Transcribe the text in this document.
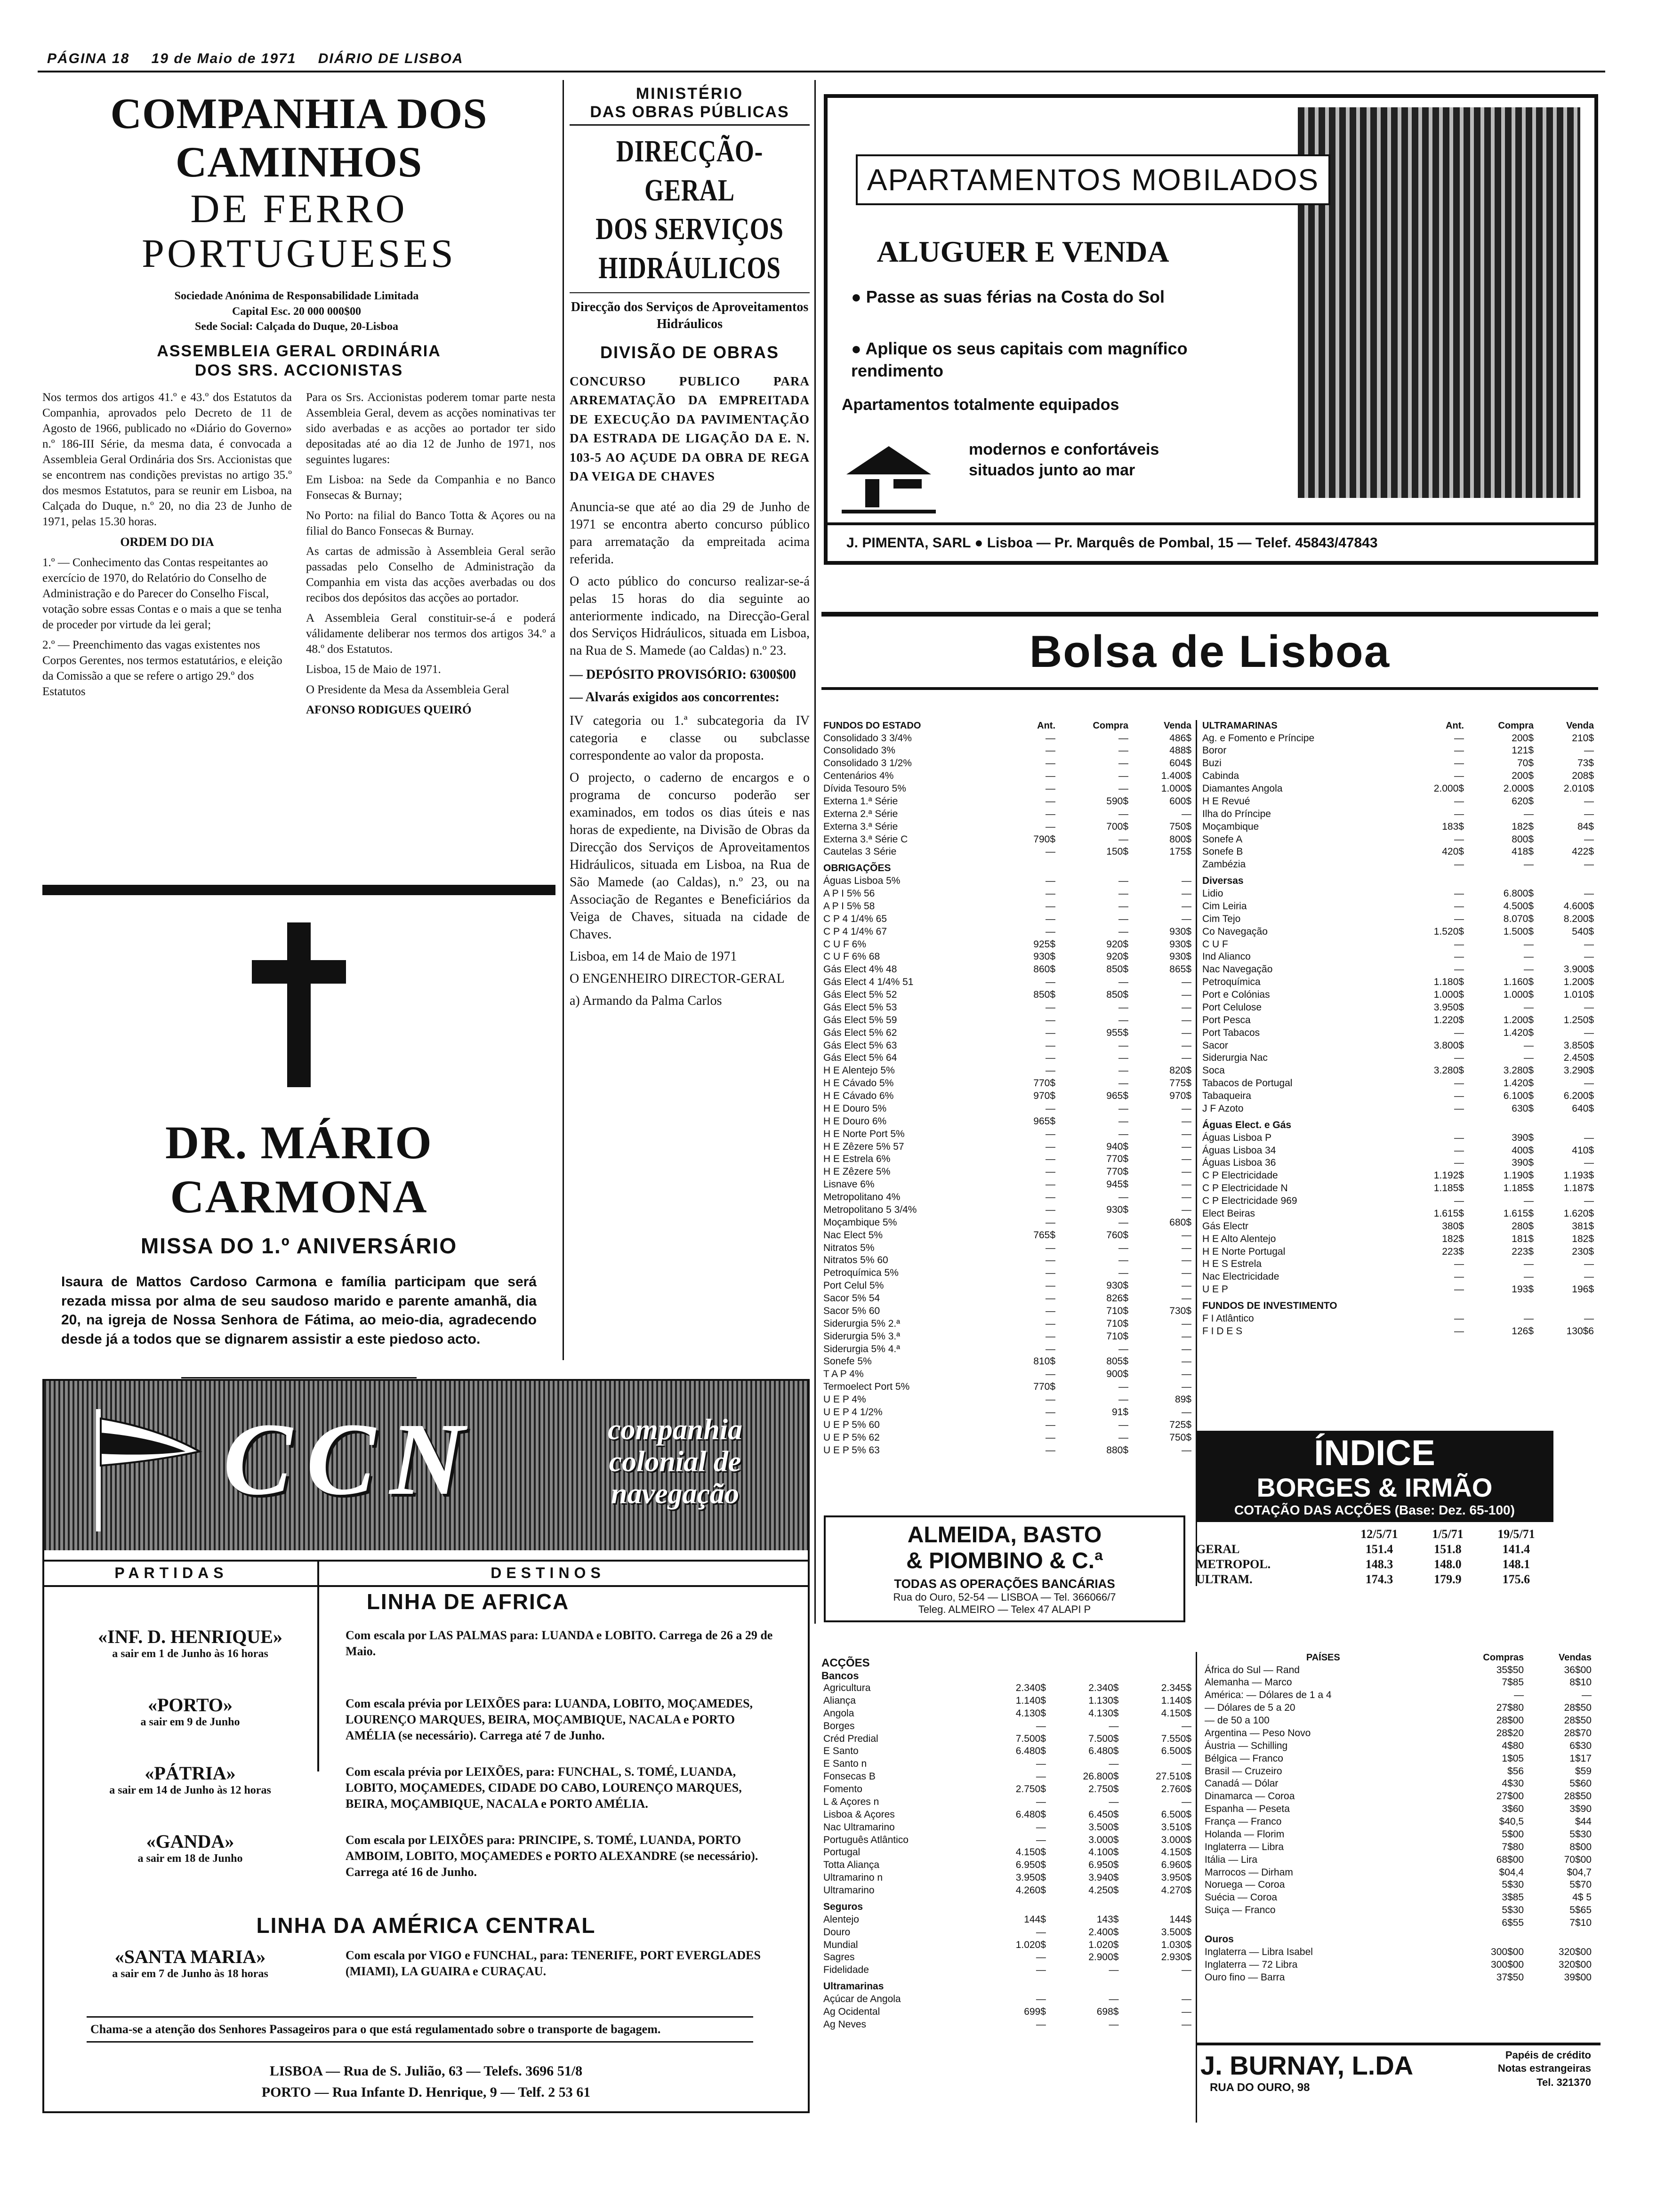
PÁGINA 18 19 de Maio de 1971 DIÁRIO DE LISBOA
COMPANHIA DOS CAMINHOS
DE FERRO PORTUGUESES
Sociedade Anónima de Responsabilidade Limitada
Capital Esc. 20 000 000$00
Sede Social: Calçada do Duque, 20-Lisboa
ASSEMBLEIA GERAL ORDINÁRIA
DOS SRS. ACCIONISTAS

Nos termos dos artigos 41.º e 43.º dos Estatutos da Companhia, aprovados pelo Decreto de 11 de Agosto de 1966, publicado no «Diário do Governo» n.º 186-III Série, da mesma data, é convocada a Assembleia Geral Ordinária dos Srs. Accionistas que se encontrem nas condições previstas no artigo 35.º dos mesmos Estatutos, para se reunir em Lisboa, na Calçada do Duque, n.º 20, no dia 23 de Junho de 1971, pelas 15.30 horas.

ORDEM DO DIA

1.º — Conhecimento das Contas respeitantes ao exercício de 1970, do Relatório do Conselho de Administração e do Parecer do Conselho Fiscal, votação sobre essas Contas e o mais a que se tenha de proceder por virtude da lei geral;

2.º — Preenchimento das vagas existentes nos Corpos Gerentes, nos termos estatutários, e eleição da Comissão a que se refere o artigo 29.º dos Estatutos

Para os Srs. Accionistas poderem tomar parte nesta Assembleia Geral, devem as acções nominativas ter sido averbadas e as acções ao portador ter sido depositadas até ao dia 12 de Junho de 1971, nos seguintes lugares:

Em Lisboa: na Sede da Companhia e no Banco Fonsecas & Burnay;

No Porto: na filial do Banco Totta & Açores ou na filial do Banco Fonsecas & Burnay.

As cartas de admissão à Assembleia Geral serão passadas pelo Conselho de Administração da Companhia em vista das acções averbadas ou dos recibos dos depósitos das acções ao portador.

A Assembleia Geral constituir-se-á e poderá válidamente deliberar nos termos dos artigos 34.º a 48.º dos Estatutos.

Lisboa, 15 de Maio de 1971.

O Presidente da Mesa da Assembleia Geral

AFONSO RODIGUES QUEIRÓ

DR. MÁRIO CARMONA
MISSA DO 1.º ANIVERSÁRIO

Isaura de Mattos Cardoso Carmona e família participam que será rezada missa por alma de seu saudoso marido e parente amanhã, dia 20, na igreja de Nossa Senhora de Fátima, ao meio-dia, agradecendo desde já a todos que se dignarem assistir a este piedoso acto.

MINISTÉRIO
DAS OBRAS PÚBLICAS
DIRECÇÃO-GERAL
DOS SERVIÇOS
HIDRÁULICOS
Direcção dos Serviços de Aproveitamentos Hidráulicos
DIVISÃO DE OBRAS

CONCURSO PUBLICO PARA ARREMATAÇÃO DA EMPREITADA DE EXECUÇÃO DA PAVIMENTAÇÃO DA ESTRADA DE LIGAÇÃO DA E. N. 103-5 AO AÇUDE DA OBRA DE REGA DA VEIGA DE CHAVES

Anuncia-se que até ao dia 29 de Junho de 1971 se encontra aberto concurso público para arrematação da empreitada acima referida.

O acto público do concurso realizar-se-á pelas 15 horas do dia seguinte ao anteriormente indicado, na Direcção-Geral dos Serviços Hidráulicos, situada em Lisboa, na Rua de S. Mamede (ao Caldas) n.º 23.

— DEPÓSITO PROVISÓRIO: 6300$00

— Alvarás exigidos aos concorrentes:

IV categoria ou 1.ª subcategoria da IV categoria e classe ou subclasse correspondente ao valor da proposta.

O projecto, o caderno de encargos e o programa de concurso poderão ser examinados, em todos os dias úteis e nas horas de expediente, na Divisão de Obras da Direcção dos Serviços de Aproveitamentos Hidráulicos, situada em Lisboa, na Rua de São Mamede (ao Caldas), n.º 23, ou na Associação de Regantes e Beneficiários da Veiga de Chaves, situada na cidade de Chaves.

Lisboa, em 14 de Maio de 1971

O ENGENHEIRO DIRECTOR-GERAL

a) Armando da Palma Carlos

APARTAMENTOS MOBILADOS
ALUGUER E VENDA
● Passe as suas férias na Costa do Sol
● Aplique os seus capitais com magnífico rendimento
Apartamentos totalmente equipados
modernos e confortáveis situados junto ao mar
J. PIMENTA, SARL ● Lisboa — Pr. Marquês de Pombal, 15 — Telef. 45843/47843
Bolsa de Lisboa
FUNDOS DO ESTADO	Ant.	Compra	Venda
Consolidado 3 3/4%	—	—	486$
Consolidado 3%	—	—	488$
Consolidado 3 1/2%	—	—	604$
Centenários 4%	—	—	1.400$
Dívida Tesouro 5%	—	—	1.000$
Externa 1.ª Série	—	590$	600$
Externa 2.ª Série	—	—	—
Externa 3.ª Série	—	700$	750$
Externa 3.ª Série C	790$	—	800$
Cautelas 3 Série	—	150$	175$
OBRIGAÇÕES			
Águas Lisboa 5%	—	—	—
A P I 5% 56	—	—	—
A P I 5% 58	—	—	—
C P 4 1/4% 65	—	—	—
C P 4 1/4% 67	—	—	930$
C U F 6%	925$	920$	930$
C U F 6% 68	930$	920$	930$
Gás Elect 4% 48	860$	850$	865$
Gás Elect 4 1/4% 51	—	—	—
Gás Elect 5% 52	850$	850$	—
Gás Elect 5% 53	—	—	—
Gás Elect 5% 59	—	—	—
Gás Elect 5% 62	—	955$	—
Gás Elect 5% 63	—	—	—
Gás Elect 5% 64	—	—	—
H E Alentejo 5%	—	—	820$
H E Cávado 5%	770$	—	775$
H E Cávado 6%	970$	965$	970$
H E Douro 5%	—	—	—
H E Douro 6%	965$	—	—
H E Norte Port 5%	—	—	—
H E Zêzere 5% 57	—	940$	—
H E Estrela 6%	—	770$	—
H E Zêzere 5%	—	770$	—
Lisnave 6%	—	945$	—
Metropolitano 4%	—	—	—
Metropolitano 5 3/4%	—	930$	—
Moçambique 5%	—	—	680$
Nac Elect 5%	765$	760$	—
Nitratos 5%	—	—	—
Nitratos 5% 60	—	—	—
Petroquímica 5%	—	—	—
Port Celul 5%	—	930$	—
Sacor 5% 54	—	826$	—
Sacor 5% 60	—	710$	730$
Siderurgia 5% 2.ª	—	710$	—
Siderurgia 5% 3.ª	—	710$	—
Siderurgia 5% 4.ª	—	—	—
Sonefe 5%	810$	805$	—
T A P 4%	—	900$	—
Termoelect Port 5%	770$	—	—
U E P 4%	—	—	89$
U E P 4 1/2%	—	91$	—
U E P 5% 60	—	—	725$
U E P 5% 62	—	—	750$
U E P 5% 63	—	880$	—
ULTRAMARINAS	Ant.	Compra	Venda
Ag. e Fomento e Príncipe	—	200$	210$
Boror	—	121$	—
Buzi	—	70$	73$
Cabinda	—	200$	208$
Diamantes Angola	2.000$	2.000$	2.010$
H E Revué	—	620$	—
Ilha do Príncipe	—	—	—
Moçambique	183$	182$	84$
Sonefe A	—	800$	—
Sonefe B	420$	418$	422$
Zambézia	—	—	—
Diversas			
Lidio	—	6.800$	—
Cim Leiria	—	4.500$	4.600$
Cim Tejo	—	8.070$	8.200$
Co Navegação	1.520$	1.500$	540$
C U F	—	—	—
Ind Alianco	—	—	—
Nac Navegação	—	—	3.900$
Petroquímica	1.180$	1.160$	1.200$
Port e Colónias	1.000$	1.000$	1.010$
Port Celulose	3.950$	—	—
Port Pesca	1.220$	1.200$	1.250$
Port Tabacos	—	1.420$	—
Sacor	3.800$	—	3.850$
Siderurgia Nac	—	—	2.450$
Soca	3.280$	3.280$	3.290$
Tabacos de Portugal	—	1.420$	—
Tabaqueira	—	6.100$	6.200$
J F Azoto	—	630$	640$
Águas Elect. e Gás			
Águas Lisboa P	—	390$	—
Águas Lisboa 34	—	400$	410$
Águas Lisboa 36	—	390$	—
C P Electricidade	1.192$	1.190$	1.193$
C P Electricidade N	1.185$	1.185$	1.187$
C P Electricidade 969	—	—	—
Elect Beiras	1.615$	1.615$	1.620$
Gás Electr	380$	280$	381$
H E Alto Alentejo	182$	181$	182$
H E Norte Portugal	223$	223$	230$
H E S Estrela	—	—	—
Nac Electricidade	—	—	—
U E P	—	193$	196$
FUNDOS DE INVESTIMENTO			
F I Atlântico	—	—	—
F I D E S	—	126$	130$6
ÍNDICE
BORGES & IRMÃO
COTAÇÃO DAS ACÇÕES (Base: Dez. 65-100)
	12/5/71	1/5/71	19/5/71
GERAL	151.4	151.8	141.4
METROPOL.	148.3	148.0	148.1
ULTRAM.	174.3	179.9	175.6
ALMEIDA, BASTO
& PIOMBINO & C.ª
TODAS AS OPERAÇÕES BANCÁRIAS
Rua do Ouro, 52-54 — LISBOA — Tel. 366066/7
Teleg. ALMEIRO — Telex 47 ALAPI P
ACÇÕES
Bancos
Agricultura	2.340$	2.340$	2.345$
Aliança	1.140$	1.130$	1.140$
Angola	4.130$	4.130$	4.150$
Borges	—	—	—
Créd Predial	7.500$	7.500$	7.550$
E Santo	6.480$	6.480$	6.500$
E Santo n	—	—	—
Fonsecas B	—	26.800$	27.510$
Fomento	2.750$	2.750$	2.760$
L & Açores n	—	—	—
Lisboa & Açores	6.480$	6.450$	6.500$
Nac Ultramarino	—	3.500$	3.510$
Português Atlântico	—	3.000$	3.000$
Portugal	4.150$	4.100$	4.150$
Totta Aliança	6.950$	6.950$	6.960$
Ultramarino n	3.950$	3.940$	3.950$
Ultramarino	4.260$	4.250$	4.270$
Seguros			
Alentejo	144$	143$	144$
Douro	—	2.400$	3.500$
Mundial	1.020$	1.020$	1.030$
Sagres	—	2.900$	2.930$
Fidelidade	—	—	—
Ultramarinas			
Açúcar de Angola	—	—	—
Ag Ocidental	699$	698$	—
Ag Neves	—	—	—
PAÍSES	Compras	Vendas
África do Sul — Rand	35$50	36$00
Alemanha — Marco	7$85	8$10
América: — Dólares de 1 a 4	—	—
— Dólares de 5 a 20	27$80	28$50
— de 50 a 100	28$00	28$50
Argentina — Peso Novo	28$20	28$70
Áustria — Schilling	4$80	6$30
Bélgica — Franco	1$05	1$17
Brasil — Cruzeiro	$56	$59
Canadá — Dólar	4$30	5$60
Dinamarca — Coroa	27$00	28$50
Espanha — Peseta	3$60	3$90
França — Franco	$40,5	$44
Holanda — Florim	5$00	5$30
Inglaterra — Libra	7$80	8$00
Itália — Lira	68$00	70$00
Marrocos — Dirham	$04,4	$04,7
Noruega — Coroa	5$30	5$70
Suécia — Coroa	3$85	4$ 5
Suiça — Franco	5$30	5$65
	6$55	7$10
Ouros		
Inglaterra — Libra Isabel	300$00	320$00
Inglaterra — 72 Libra	300$00	320$00
Ouro fino — Barra	37$50	39$00
J. BURNAY, L.DA
RUA DO OURO, 98
Papéis de crédito
Notas estrangeiras
Tel. 321370
CCN	companhia colonial de navegação
PARTIDAS	DESTINOS
LINHA DE AFRICA
«INF. D. HENRIQUE»
a sair em 1 de Junho às 16 horas
Com escala por LAS PALMAS para: LUANDA e LOBITO. Carrega de 26 a 29 de Maio.
«PORTO»
a sair em 9 de Junho
Com escala prévia por LEIXÕES para: LUANDA, LOBITO, MOÇAMEDES, LOURENÇO MARQUES, BEIRA, MOÇAMBIQUE, NACALA e PORTO AMÉLIA (se necessário). Carrega até 7 de Junho.
«PÁTRIA»
a sair em 14 de Junho às 12 horas
Com escala prévia por LEIXÕES, para: FUNCHAL, S. TOMÉ, LUANDA, LOBITO, MOÇAMEDES, CIDADE DO CABO, LOURENÇO MARQUES, BEIRA, MOÇAMBIQUE, NACALA e PORTO AMÉLIA.
«GANDA»
a sair em 18 de Junho
Com escala por LEIXÕES para: PRINCIPE, S. TOMÉ, LUANDA, PORTO AMBOIM, LOBITO, MOÇAMEDES e PORTO ALEXANDRE (se necessário). Carrega até 16 de Junho.
LINHA DA AMÉRICA CENTRAL
«SANTA MARIA»
a sair em 7 de Junho às 18 horas
Com escala por VIGO e FUNCHAL, para: TENERIFE, PORT EVERGLADES (MIAMI), LA GUAIRA e CURAÇAU.
Chama-se a atenção dos Senhores Passageiros para o que está regulamentado sobre o transporte de bagagem.
LISBOA — Rua de S. Julião, 63 — Telefs. 3696 51/8
PORTO — Rua Infante D. Henrique, 9 — Telf. 2 53 61
